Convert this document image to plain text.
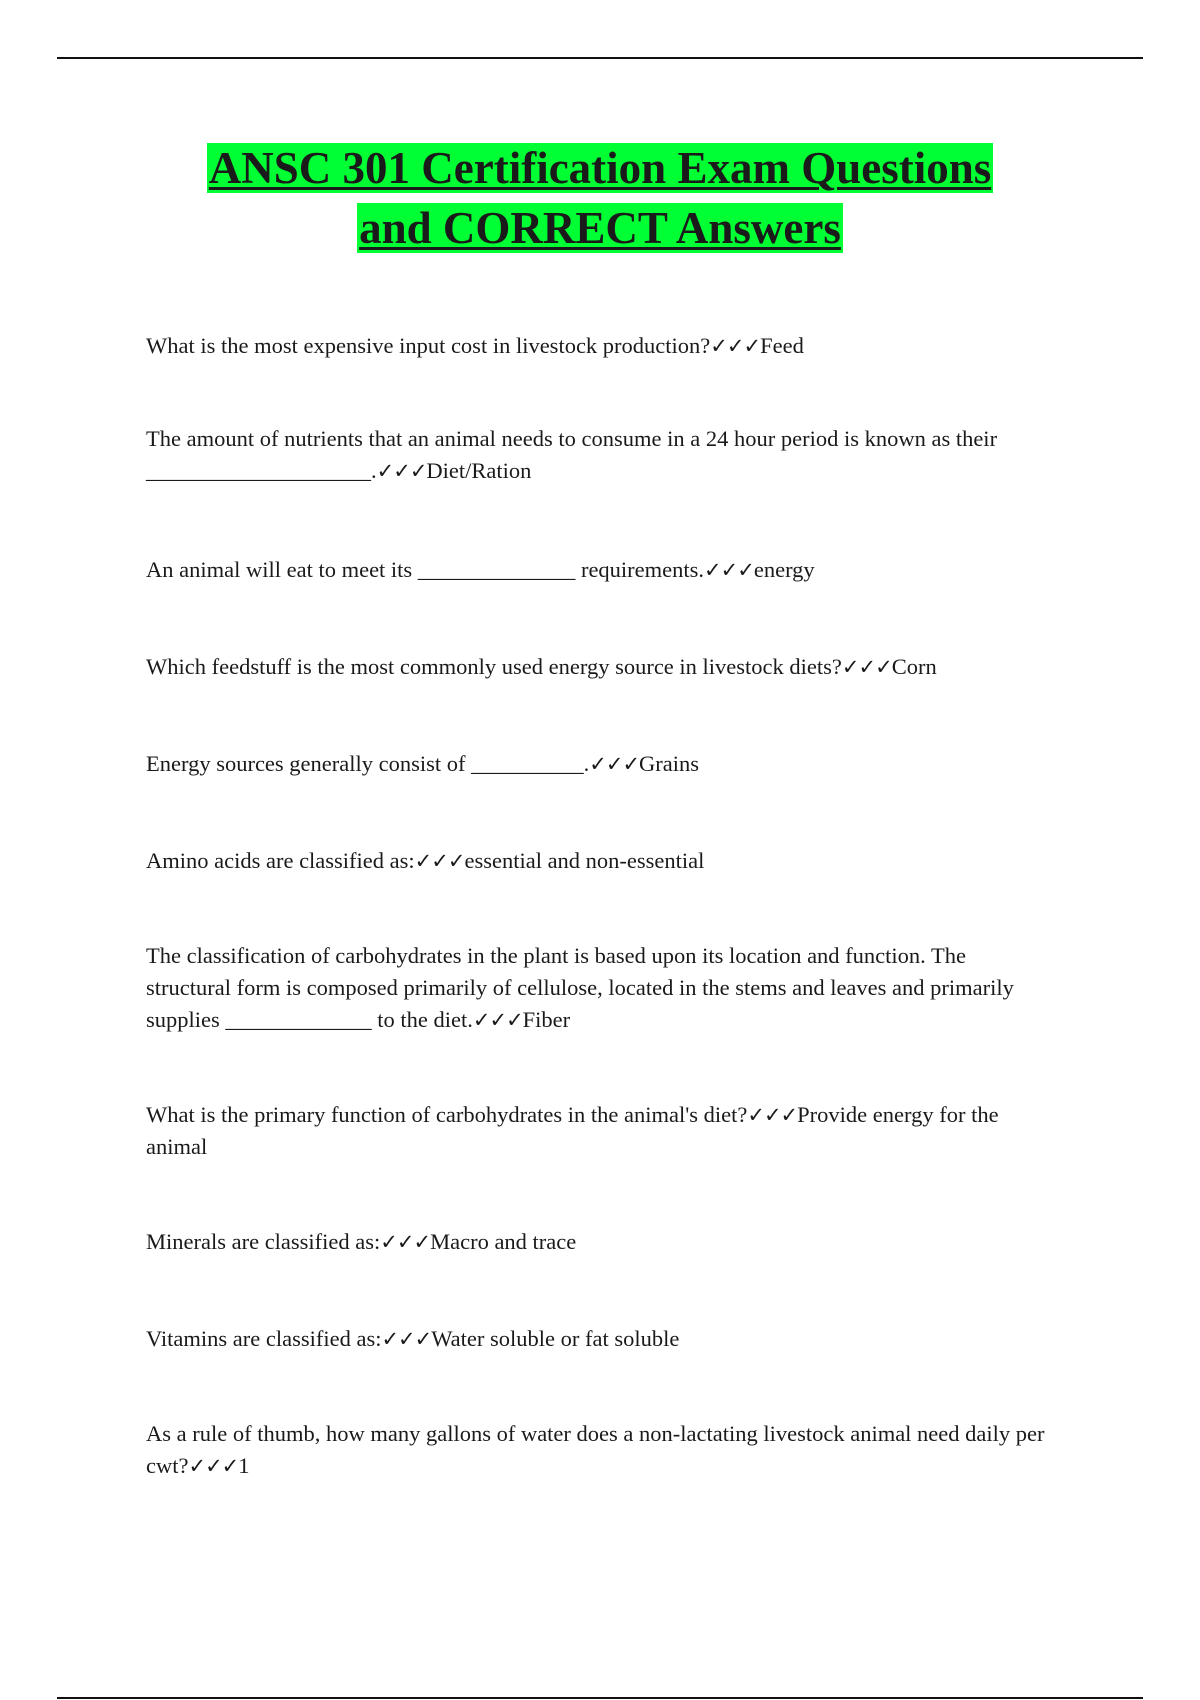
ANSC 301 Certification Exam Questions
and CORRECT Answers

What is the most expensive input cost in livestock production?✓✓✓Feed

The amount of nutrients that an animal needs to consume in a 24 hour period is known as their ____________________.✓✓✓Diet/Ration

An animal will eat to meet its ______________ requirements.✓✓✓energy

Which feedstuff is the most commonly used energy source in livestock diets?✓✓✓Corn

Energy sources generally consist of __________.✓✓✓Grains

Amino acids are classified as:✓✓✓essential and non-essential

The classification of carbohydrates in the plant is based upon its location and function. The structural form is composed primarily of cellulose, located in the stems and leaves and primarily supplies _____________ to the diet.✓✓✓Fiber

What is the primary function of carbohydrates in the animal's diet?✓✓✓Provide energy for the animal

Minerals are classified as:✓✓✓Macro and trace

Vitamins are classified as:✓✓✓Water soluble or fat soluble

As a rule of thumb, how many gallons of water does a non-lactating livestock animal need daily per cwt?✓✓✓1
